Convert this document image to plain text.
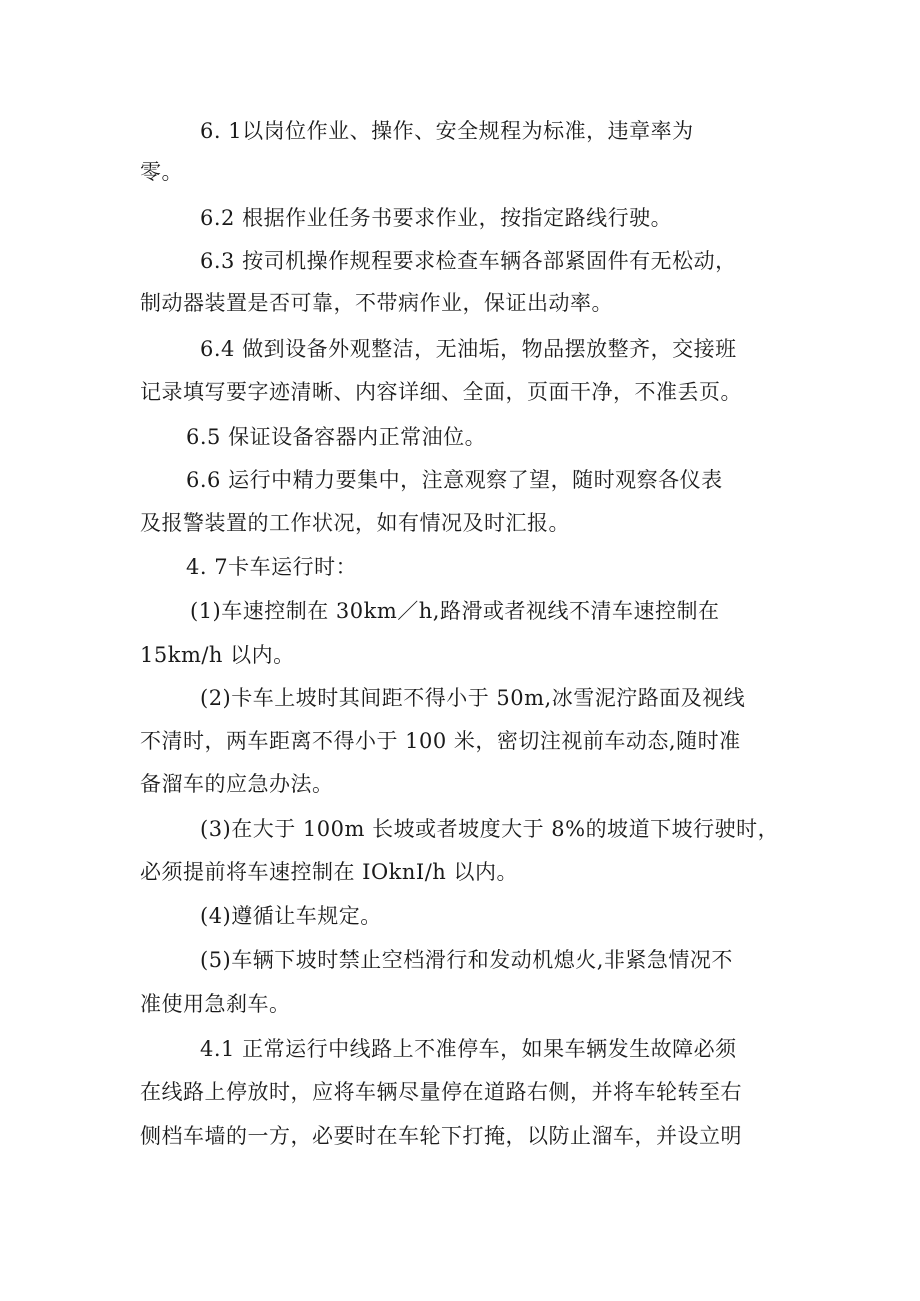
6. 1以岗位作业、操作、安全规程为标准，违章率为
零。
6.2 根据作业任务书要求作业，按指定路线行驶。
6.3 按司机操作规程要求检查车辆各部紧固件有无松动，
制动器装置是否可靠，不带病作业，保证出动率。
6.4 做到设备外观整洁，无油垢，物品摆放整齐，交接班
记录填写要字迹清晰、内容详细、全面，页面干净，不准丢页。
6.5 保证设备容器内正常油位。
6.6 运行中精力要集中，注意观察了望，随时观察各仪表
及报警装置的工作状况，如有情况及时汇报。
4. 7卡车运行时：
(1)车速控制在 30km／h,路滑或者视线不清车速控制在
15km/h 以内。
(2)卡车上坡时其间距不得小于 50m,冰雪泥泞路面及视线
不清时，两车距离不得小于 100 米，密切注视前车动态,随时准
备溜车的应急办法。
(3)在大于 100m 长坡或者坡度大于 8%的坡道下坡行驶时，
必须提前将车速控制在 IOknI/h 以内。
(4)遵循让车规定。
(5)车辆下坡时禁止空档滑行和发动机熄火,非紧急情况不
准使用急刹车。
4.1 正常运行中线路上不准停车，如果车辆发生故障必须
在线路上停放时，应将车辆尽量停在道路右侧，并将车轮转至右
侧档车墙的一方，必要时在车轮下打掩，以防止溜车，并设立明
